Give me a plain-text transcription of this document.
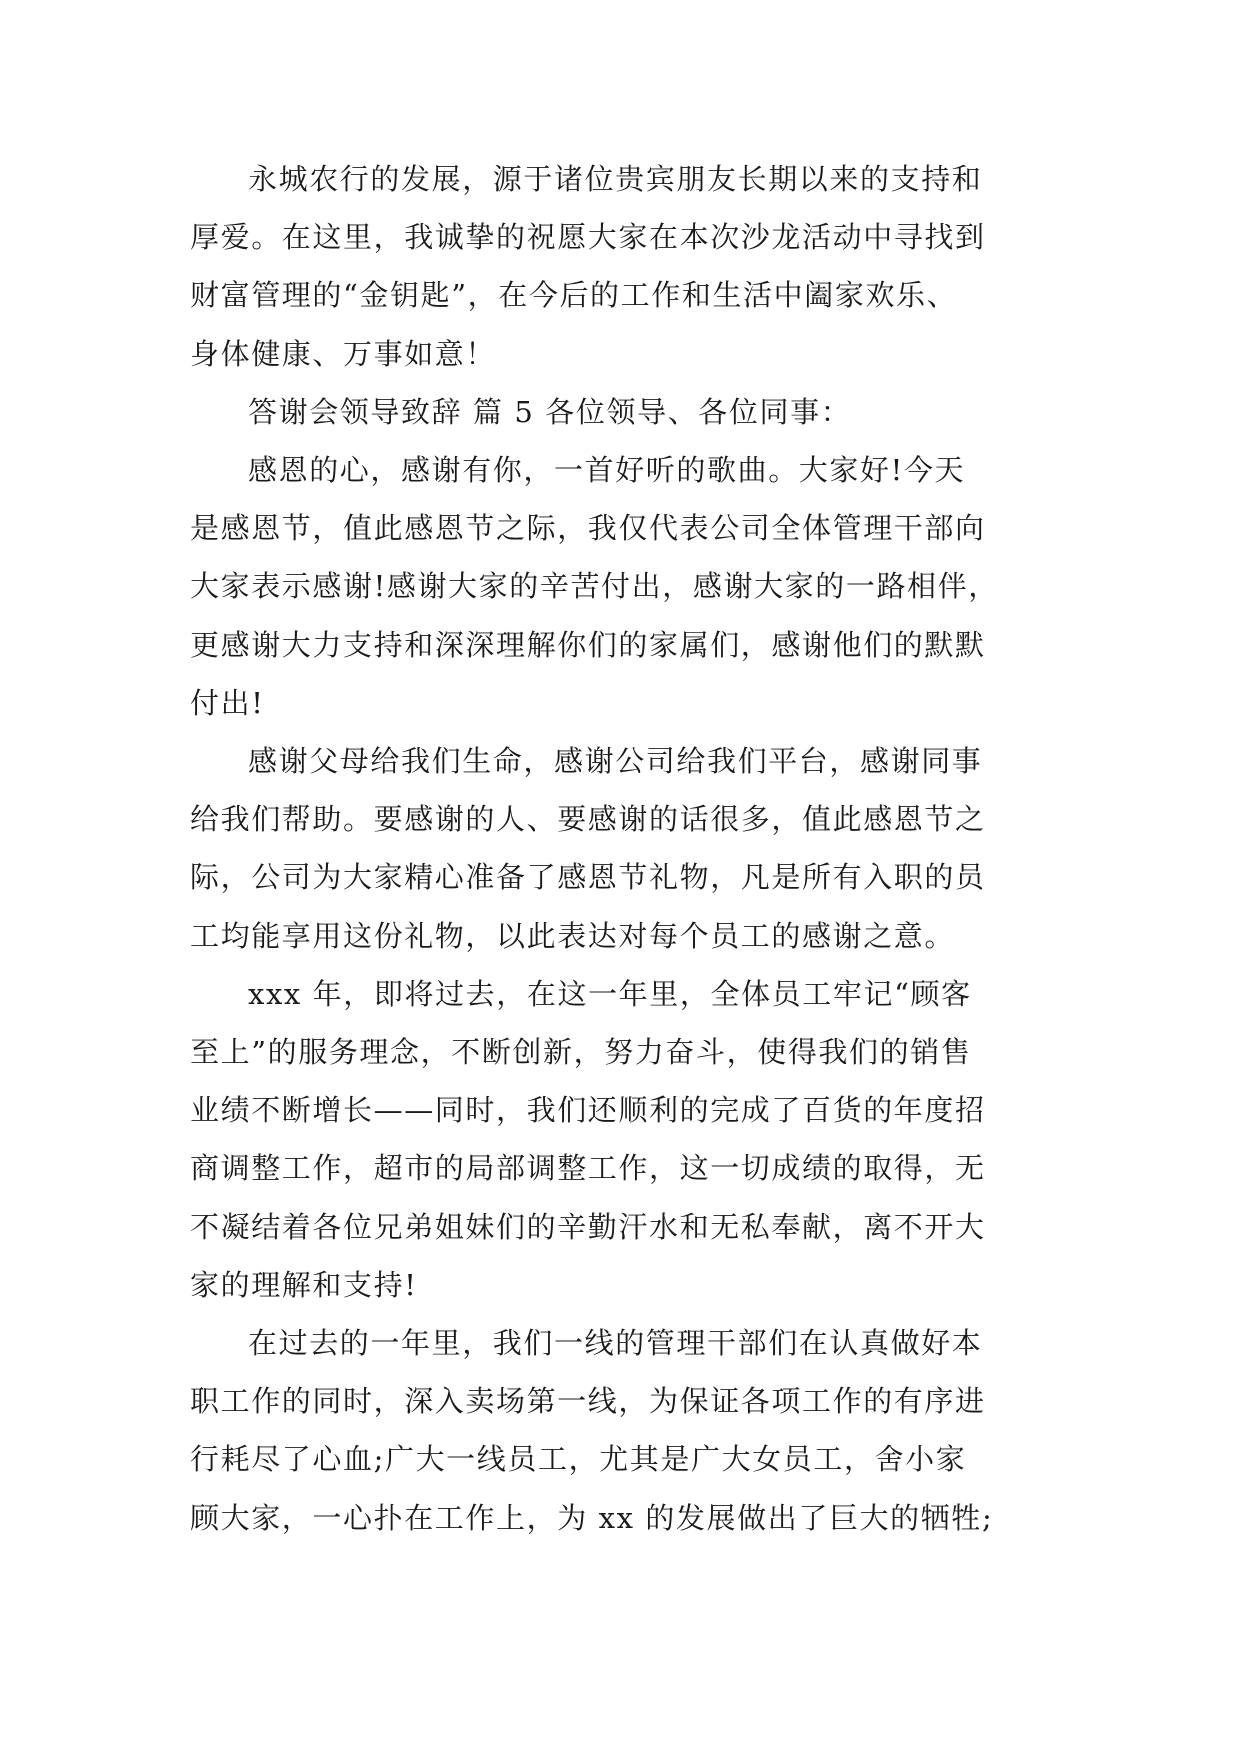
永城农行的发展，源于诸位贵宾朋友长期以来的支持和
厚爱。在这里，我诚挚的祝愿大家在本次沙龙活动中寻找到
财富管理的“金钥匙”，在今后的工作和生活中阖家欢乐、
身体健康、万事如意！
答谢会领导致辞 篇 5 各位领导、各位同事：
感恩的心，感谢有你，一首好听的歌曲。大家好!今天
是感恩节，值此感恩节之际，我仅代表公司全体管理干部向
大家表示感谢!感谢大家的辛苦付出，感谢大家的一路相伴，
更感谢大力支持和深深理解你们的家属们，感谢他们的默默
付出!
感谢父母给我们生命，感谢公司给我们平台，感谢同事
给我们帮助。要感谢的人、要感谢的话很多，值此感恩节之
际，公司为大家精心准备了感恩节礼物，凡是所有入职的员
工均能享用这份礼物，以此表达对每个员工的感谢之意。
xxx 年，即将过去，在这一年里，全体员工牢记“顾客
至上”的服务理念，不断创新，努力奋斗，使得我们的销售
业绩不断增长——同时，我们还顺利的完成了百货的年度招
商调整工作，超市的局部调整工作，这一切成绩的取得，无
不凝结着各位兄弟姐妹们的辛勤汗水和无私奉献，离不开大
家的理解和支持!
在过去的一年里，我们一线的管理干部们在认真做好本
职工作的同时，深入卖场第一线，为保证各项工作的有序进
行耗尽了心血;广大一线员工，尤其是广大女员工，舍小家
顾大家，一心扑在工作上，为 xx 的发展做出了巨大的牺牲;
